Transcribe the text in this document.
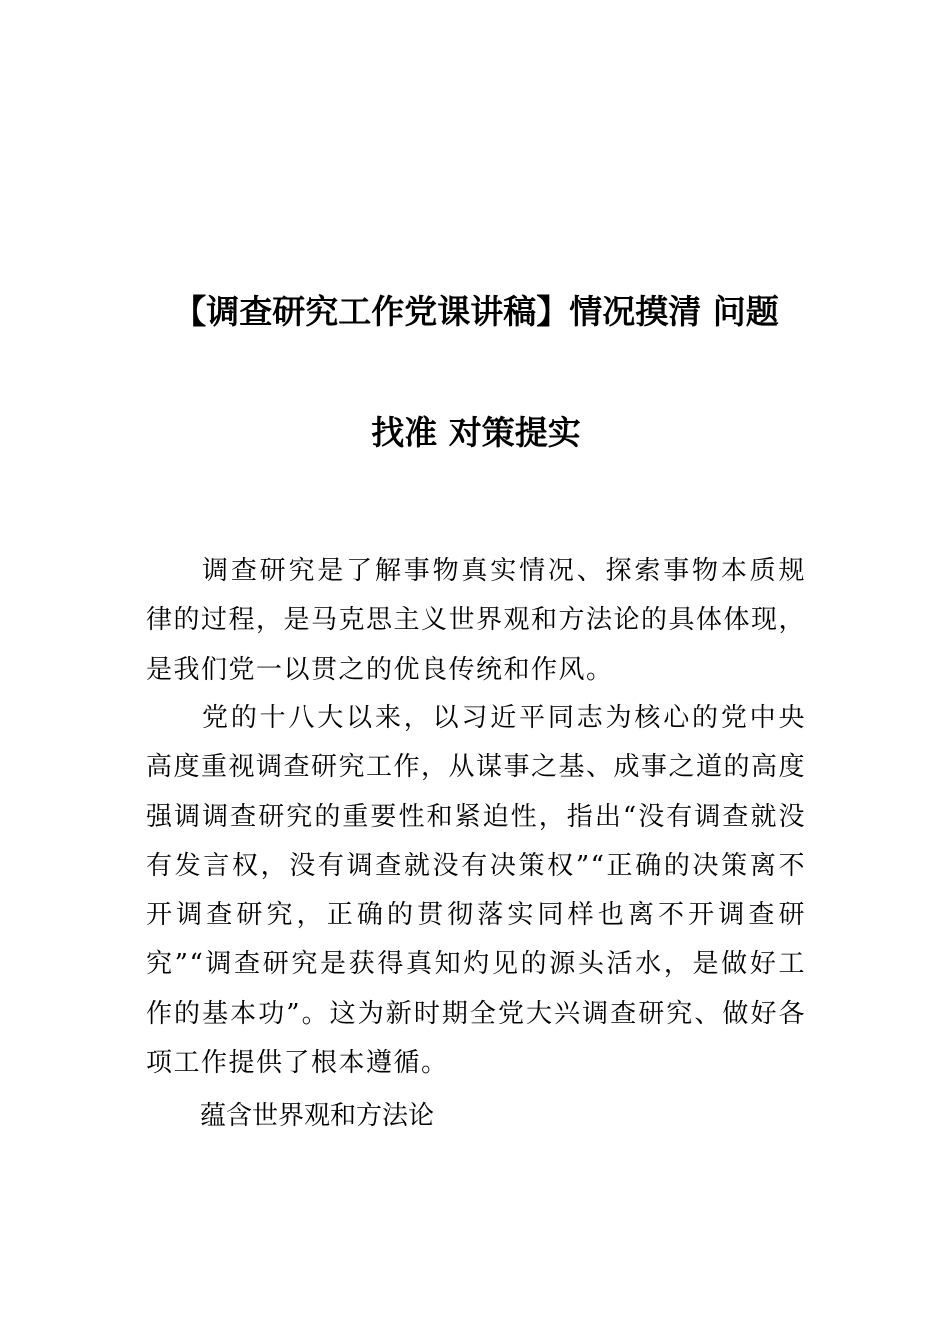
【调查研究工作党课讲稿】情况摸清 问题
找准 对策提实

调查研究是了解事物真实情况、探索事物本质规律的过程，是马克思主义世界观和方法论的具体体现，是我们党一以贯之的优良传统和作风。

党的十八大以来，以习近平同志为核心的党中央高度重视调查研究工作，从谋事之基、成事之道的高度强调调查研究的重要性和紧迫性，指出“没有调查就没有发言权，没有调查就没有决策权”“正确的决策离不开调查研究，正确的贯彻落实同样也离不开调查研究”“调查研究是获得真知灼见的源头活水，是做好工作的基本功”。这为新时期全党大兴调查研究、做好各项工作提供了根本遵循。

蕴含世界观和方法论
